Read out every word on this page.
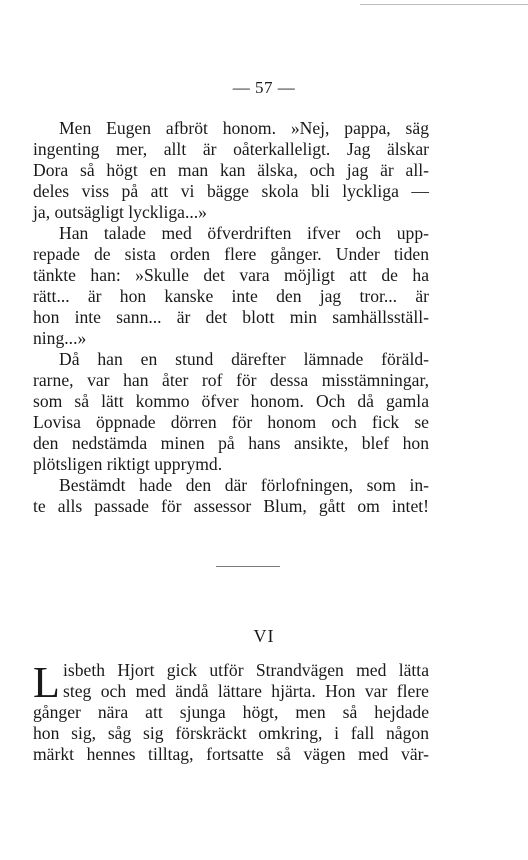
— 57 —
Men Eugen afbröt honom. »Nej, pappa, säg
ingenting mer, allt är oåterkalleligt. Jag älskar
Dora så högt en man kan älska, och jag är all-
deles viss på att vi bägge skola bli lyckliga —
ja, outsägligt lyckliga...»
Han talade med öfverdriften ifver och upp-
repade de sista orden flere gånger. Under tiden
tänkte han: »Skulle det vara möjligt att de ha
rätt... är hon kanske inte den jag tror... är
hon inte sann... är det blott min samhällsställ-
ning...»
Då han en stund därefter lämnade föräld-
rarne, var han åter rof för dessa misstämningar,
som så lätt kommo öfver honom. Och då gamla
Lovisa öppnade dörren för honom och fick se
den nedstämda minen på hans ansikte, blef hon
plötsligen riktigt upprymd.
Bestämdt hade den där förlofningen, som in-
te alls passade för assessor Blum, gått om intet!
VI
L isbeth Hjort gick utför Strandvägen med lätta
steg och med ändå lättare hjärta. Hon var flere
gånger nära att sjunga högt, men så hejdade
hon sig, såg sig förskräckt omkring, i fall någon
märkt hennes tilltag, fortsatte så vägen med vär-
